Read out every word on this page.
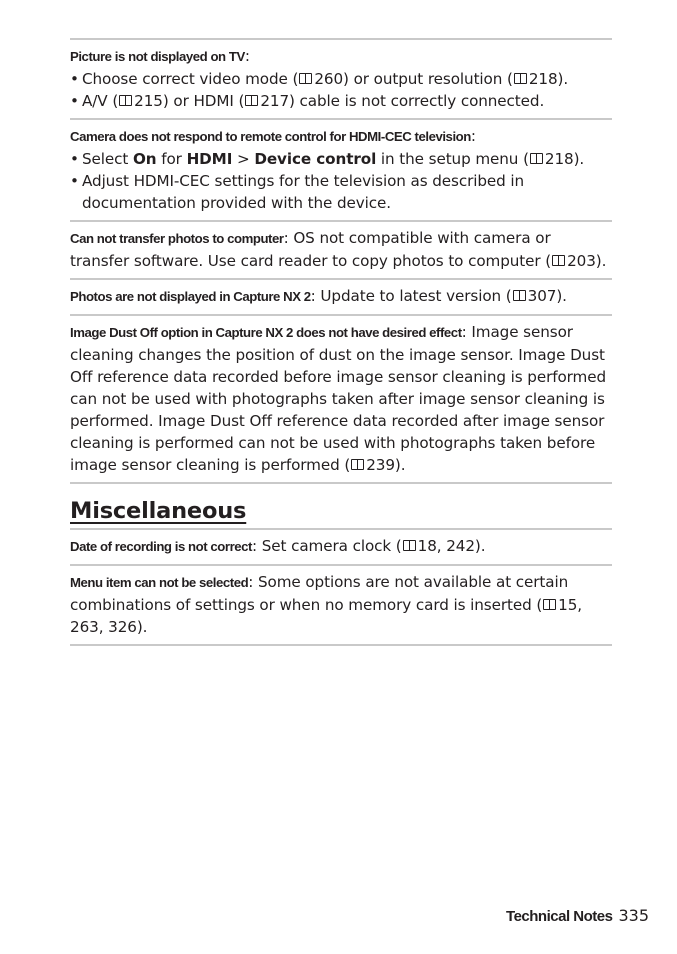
Picture is not displayed on TV:
• Choose correct video mode ( 260) or output resolution ( 218).
• A/V ( 215) or HDMI ( 217) cable is not correctly connected.
Camera does not respond to remote control for HDMI-CEC television:
• Select On for HDMI > Device control in the setup menu ( 218).
• Adjust HDMI-CEC settings for the television as described in documentation provided with the device.
Can not transfer photos to computer: OS not compatible with camera or transfer software. Use card reader to copy photos to computer ( 203).
Photos are not displayed in Capture NX 2: Update to latest version ( 307).
Image Dust Off option in Capture NX 2 does not have desired effect: Image sensor cleaning changes the position of dust on the image sensor. Image Dust Off reference data recorded before image sensor cleaning is performed can not be used with photographs taken after image sensor cleaning is performed. Image Dust Off reference data recorded after image sensor cleaning is performed can not be used with photographs taken before image sensor cleaning is performed ( 239).
Miscellaneous
Date of recording is not correct: Set camera clock ( 18, 242).
Menu item can not be selected: Some options are not available at certain combinations of settings or when no memory card is inserted ( 15, 263, 326).
Technical Notes 335
